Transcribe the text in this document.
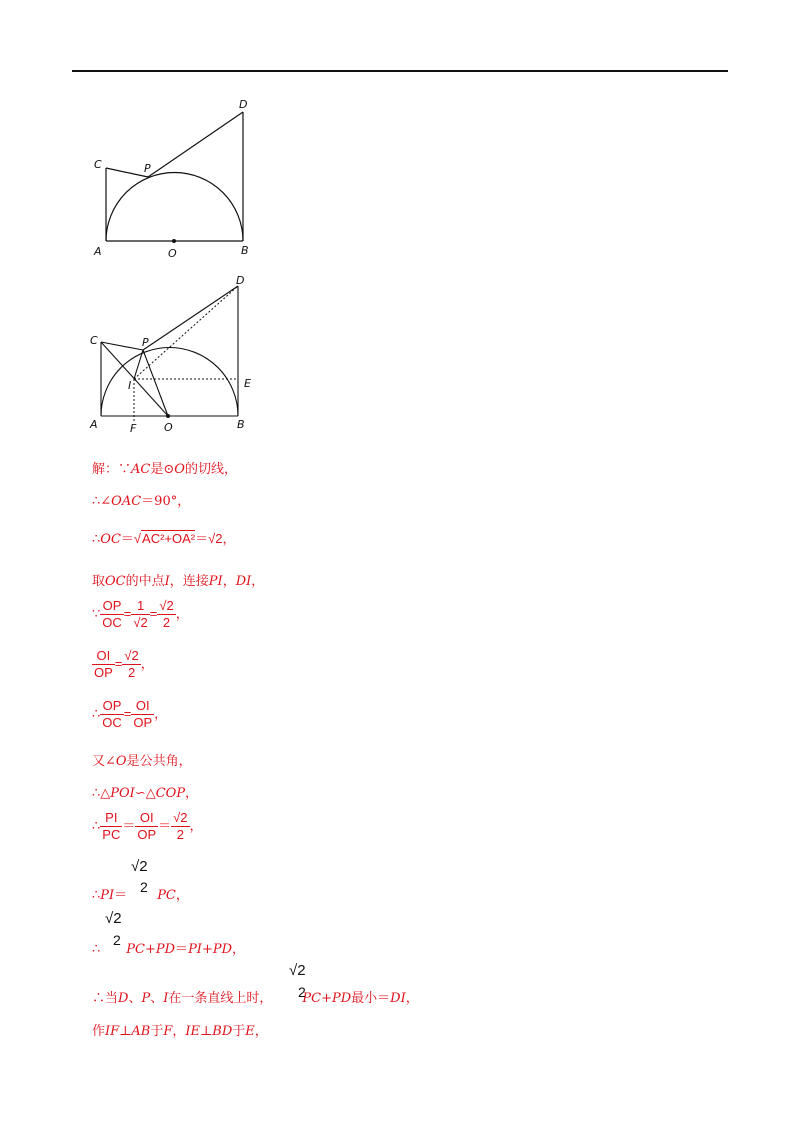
A	B
C
D
P
O
A	B
C
D
P
O
E
F
I
解：∵AC是⊙O的切线，
∴∠OAC＝90°，
∴OC＝√AC²+OA²＝√2，
取OC的中点I，连接PI，DI，
∵ $\frac{OP}{OC} = \frac{1}{√2} = \frac{√2}{2}$ ，
$\frac{OI}{OP} = \frac{√2}{2}$ ，
∴ $\frac{OP}{OC} = \frac{OI}{OP}$ ，
又∠O是公共角，
∴△POI∽△COP，
∴ $\frac{PI}{PC} = \frac{OI}{OP} = \frac{√2}{2}$ ，
∴PI＝ PC，
√2
2
∴ PC+PD＝PI+PD，
√2
2
∴当D、P、I在一条直线上时， PC+PD最小＝DI，
√2
2
作IF⊥AB于F，IE⊥BD于E，
